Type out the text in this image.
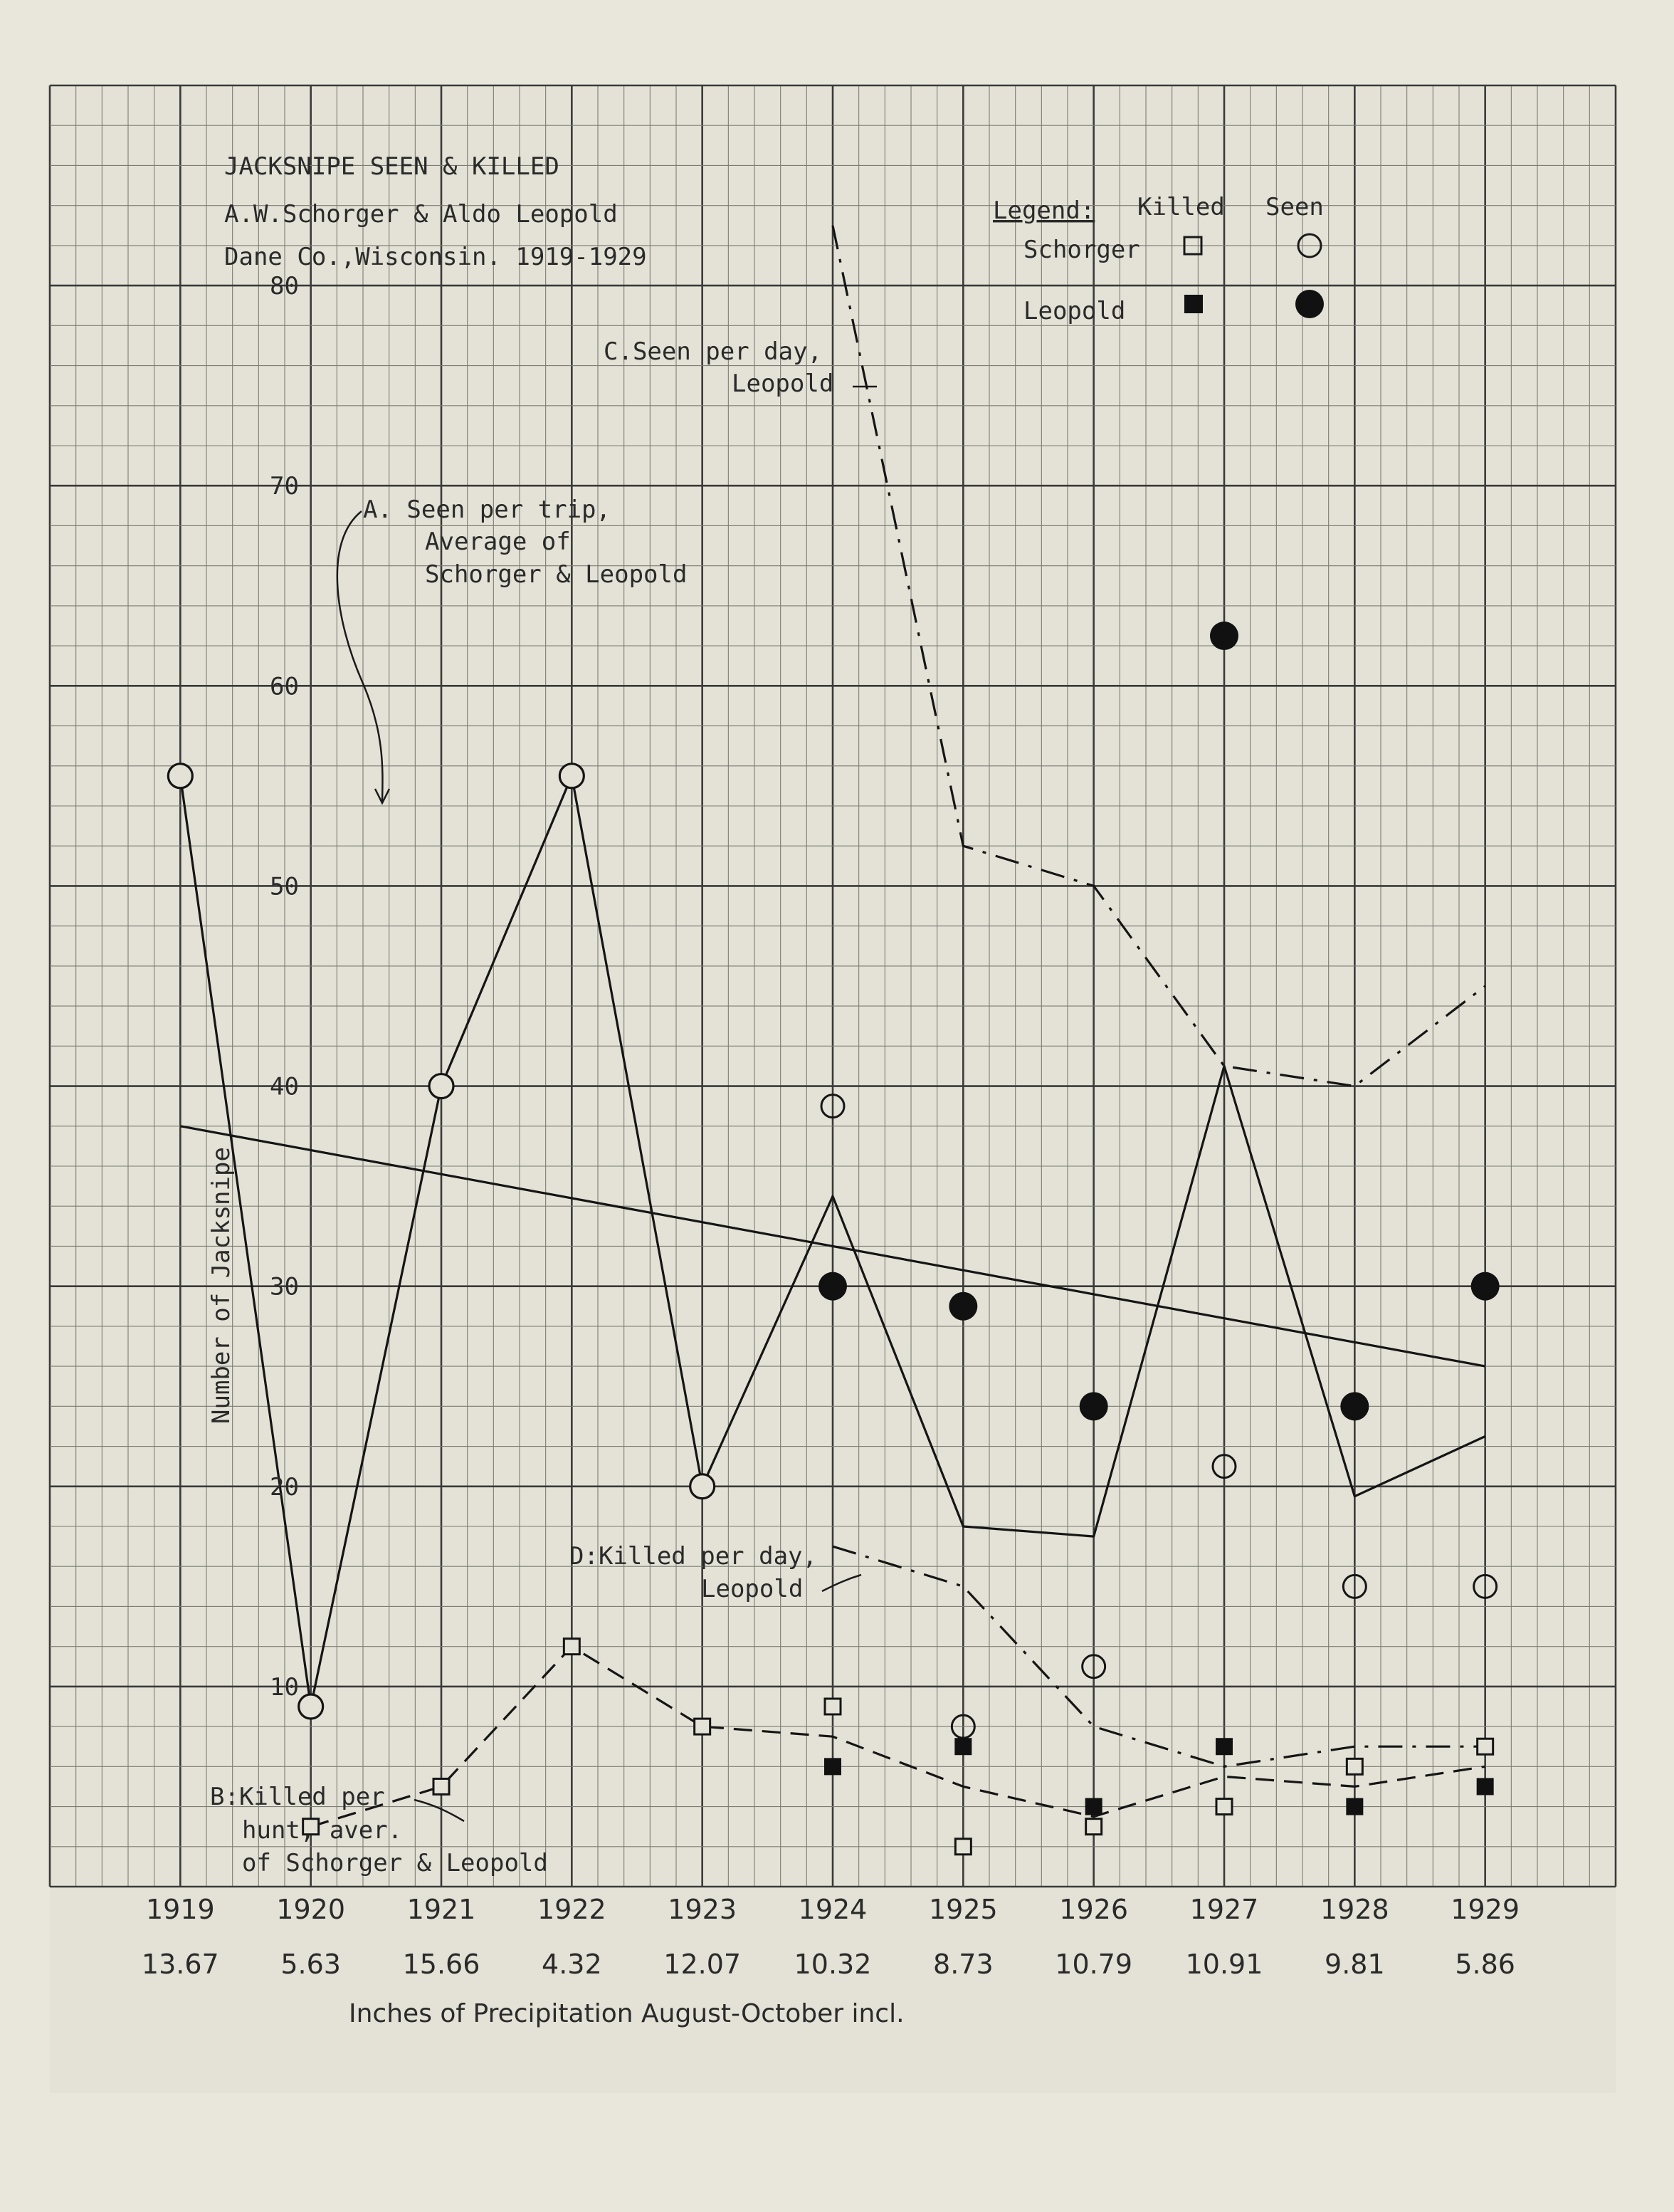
10
20
30
40
50
60
70
80
1919
13.67
1920
5.63
1921
15.66
1922
4.32
1923
12.07
1924
10.32
1925
8.73
1926
10.79
1927
10.91
1928
9.81
1929
5.86
JACKSNIPE SEEN & KILLED
A.W.Schorger & Aldo Leopold
Dane Co.,Wisconsin. 1919-1929
Legend: Killed Seen
Schorger
Leopold
A. Seen per trip,
Average of
Schorger & Leopold
B:Killed per
hunt, aver.
of Schorger & Leopold
C.Seen per day,
Leopold
D:Killed per day,
Leopold
Number of Jacksnipe
Inches of Precipitation August-October incl.
